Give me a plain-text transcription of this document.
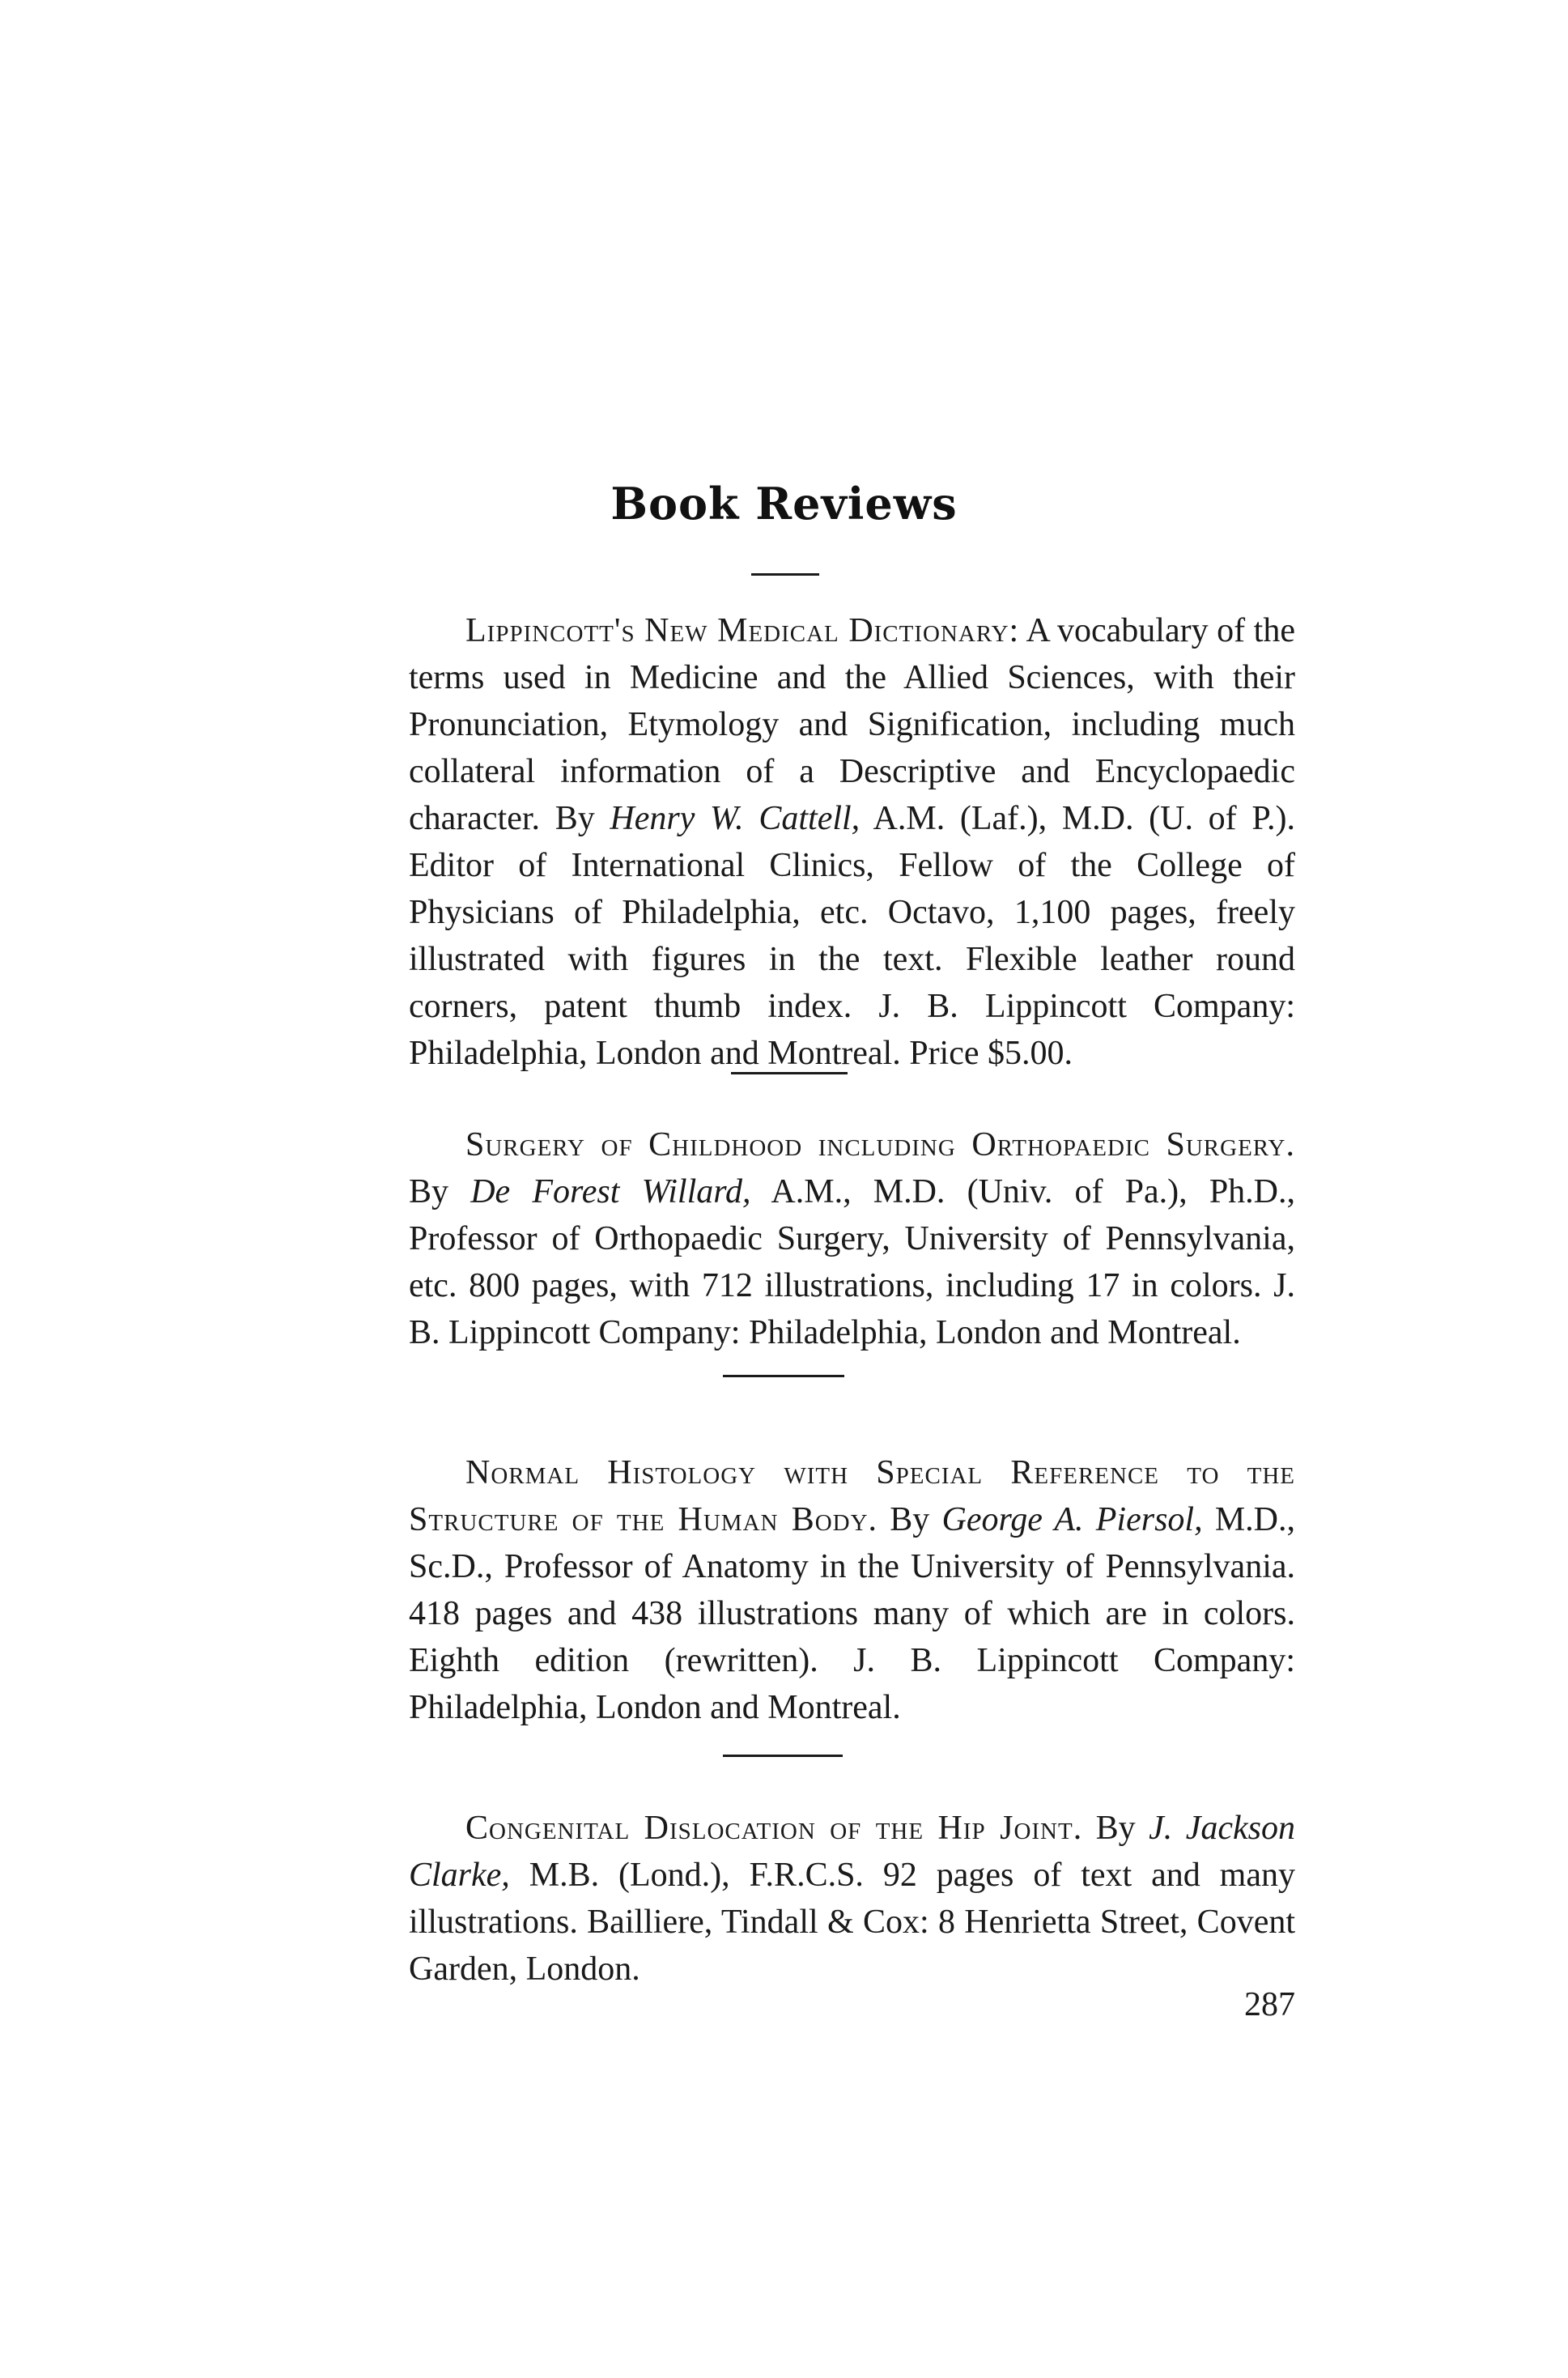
Book Reviews
Lippincott's New Medical Dictionary: A vocabulary of the terms used in Medicine and the Allied Sciences, with their Pronunciation, Etymology and Signification, including much collateral information of a Descriptive and Encyclopaedic character. By Henry W. Cattell, A.M. (Laf.), M.D. (U. of P.). Editor of International Clinics, Fellow of the College of Physicians of Philadelphia, etc. Octavo, 1,100 pages, freely illustrated with figures in the text. Flexible leather round corners, patent thumb index. J. B. Lippincott Company: Philadelphia, London and Montreal. Price $5.00.
Surgery of Childhood including Orthopaedic Surgery. By De Forest Willard, A.M., M.D. (Univ. of Pa.), Ph.D., Professor of Orthopaedic Surgery, University of Pennsylvania, etc. 800 pages, with 712 illustrations, including 17 in colors. J. B. Lippincott Company: Philadelphia, London and Montreal.
Normal Histology with Special Reference to the Structure of the Human Body. By George A. Piersol, M.D., Sc.D., Professor of Anatomy in the University of Pennsylvania. 418 pages and 438 illustrations many of which are in colors. Eighth edition (rewritten). J. B. Lippincott Company: Philadelphia, London and Montreal.
Congenital Dislocation of the Hip Joint. By J. Jackson Clarke, M.B. (Lond.), F.R.C.S. 92 pages of text and many illustrations. Bailliere, Tindall & Cox: 8 Henrietta Street, Covent Garden, London.
287
